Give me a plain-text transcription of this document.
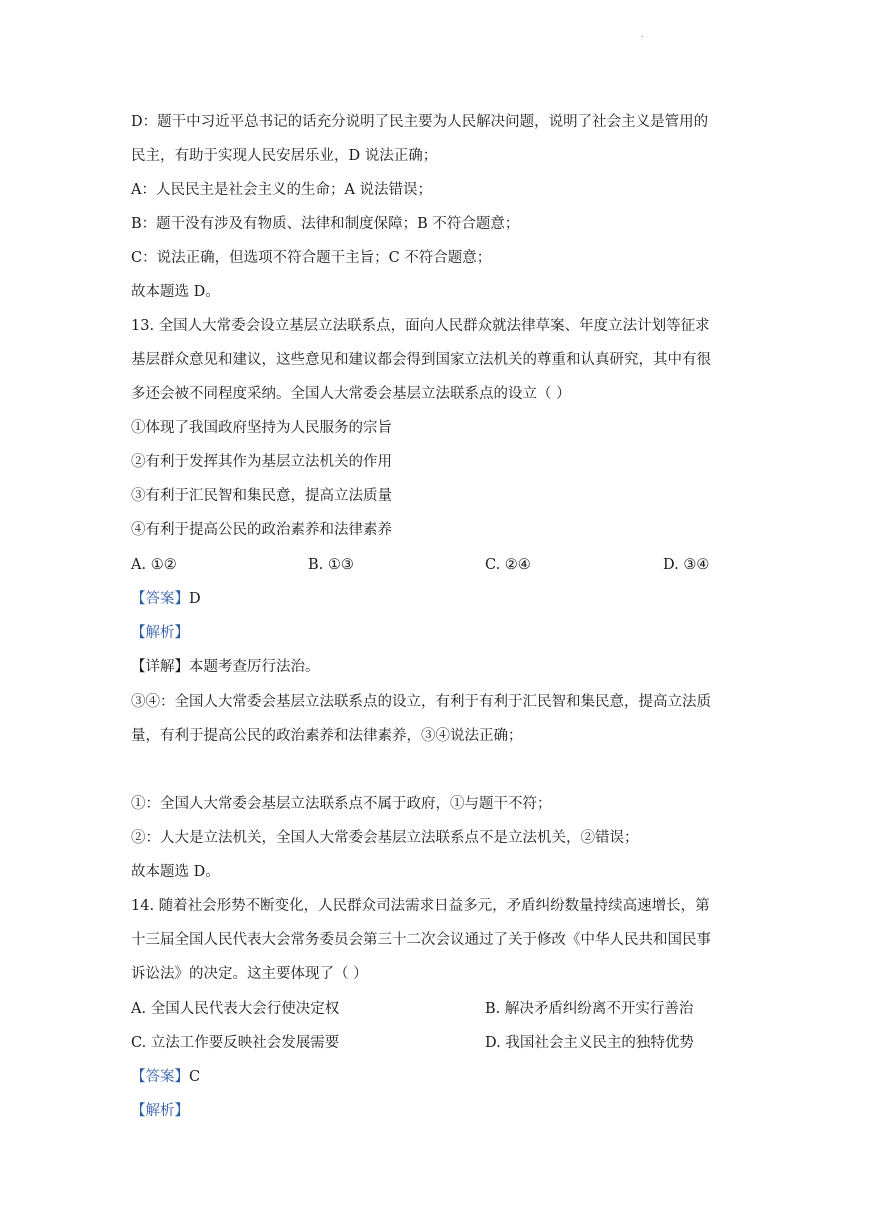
.
D：题干中习近平总书记的话充分说明了民主要为人民解决问题，说明了社会主义是管用的
民主，有助于实现人民安居乐业，D 说法正确；
A：人民民主是社会主义的生命；A 说法错误；
B：题干没有涉及有物质、法律和制度保障；B 不符合题意；
C：说法正确，但选项不符合题干主旨；C 不符合题意；
故本题选 D。
13. 全国人大常委会设立基层立法联系点，面向人民群众就法律草案、年度立法计划等征求
基层群众意见和建议，这些意见和建议都会得到国家立法机关的尊重和认真研究，其中有很
多还会被不同程度采纳。全国人大常委会基层立法联系点的设立（ ）
①体现了我国政府坚持为人民服务的宗旨
②有利于发挥其作为基层立法机关的作用
③有利于汇民智和集民意，提高立法质量
④有利于提高公民的政治素养和法律素养
A. ①②	B. ①③	C. ②④	D. ③④
【答案】D
【解析】
【详解】本题考查厉行法治。
③④：全国人大常委会基层立法联系点的设立，有利于有利于汇民智和集民意，提高立法质
量，有利于提高公民的政治素养和法律素养，③④说法正确；
①：全国人大常委会基层立法联系点不属于政府，①与题干不符；
②：人大是立法机关，全国人大常委会基层立法联系点不是立法机关，②错误；
故本题选 D。
14. 随着社会形势不断变化，人民群众司法需求日益多元，矛盾纠纷数量持续高速增长，第
十三届全国人民代表大会常务委员会第三十二次会议通过了关于修改《中华人民共和国民事
诉讼法》的决定。这主要体现了（ ）
A. 全国人民代表大会行使决定权	B. 解决矛盾纠纷离不开实行善治
C. 立法工作要反映社会发展需要	D. 我国社会主义民主的独特优势
【答案】C
【解析】
